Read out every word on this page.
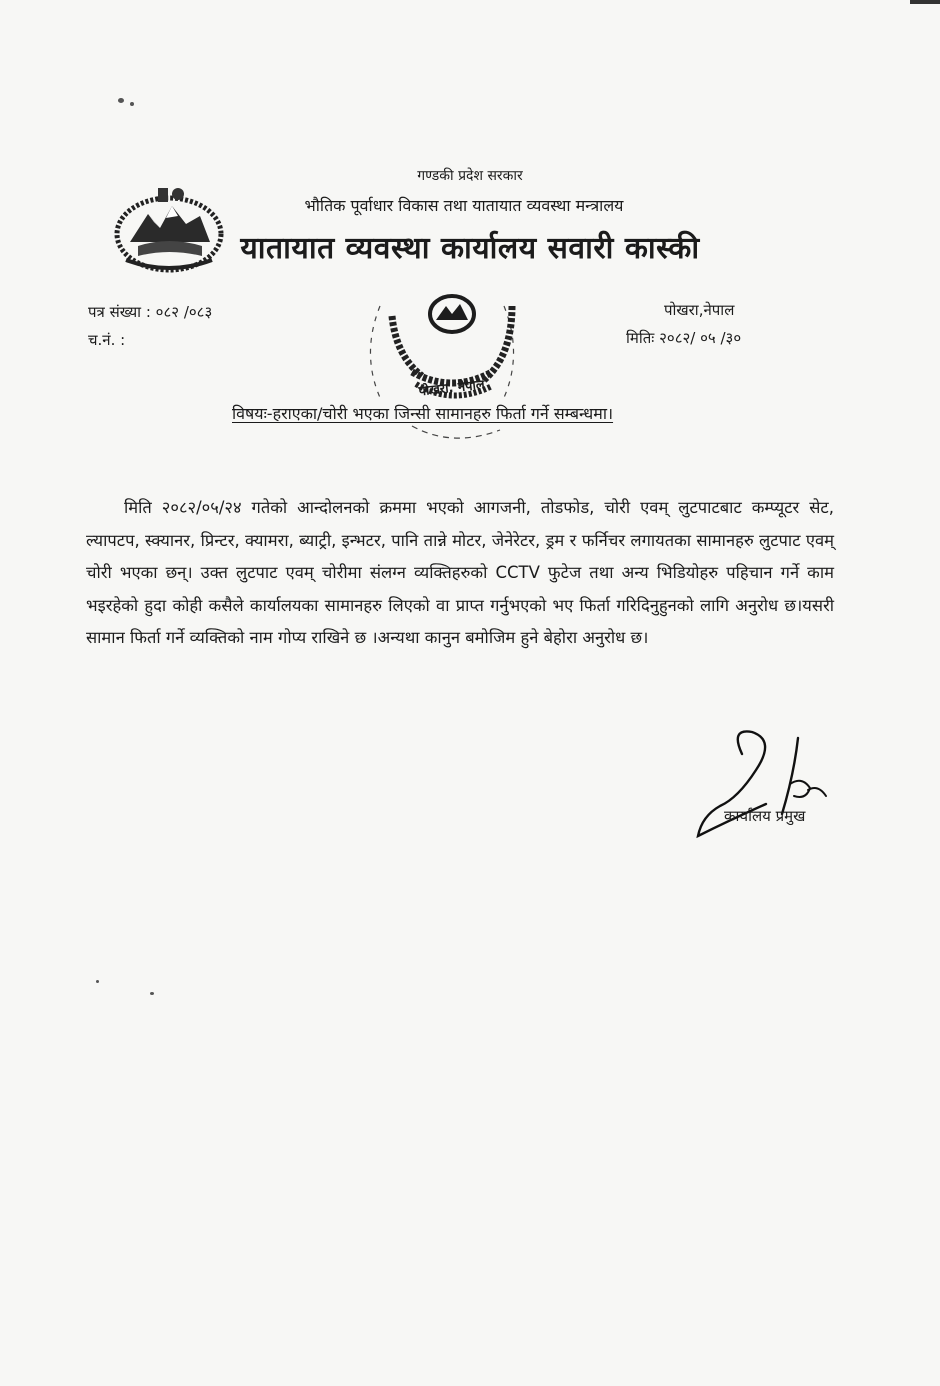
गण्डकी प्रदेश सरकार
भौतिक पूर्वाधार विकास तथा यातायात व्यवस्था मन्त्रालय
यातायात व्यवस्था कार्यालय सवारी कास्की
पत्र संख्या : ०८२ /०८३
च.नं. :
पोखरा,नेपाल
मितिः २०८२/ ०५ /३०
पोखरा, नेपाल
विषयः-हराएका/चोरी भएका जिन्सी सामानहरु फिर्ता गर्ने सम्बन्धमा।
मिति २०८२/०५/२४ गतेको आन्दोलनको क्रममा भएको आगजनी, तोडफोड, चोरी एवम् लुटपाटबाट कम्प्यूटर सेट, ल्यापटप, स्क्यानर, प्रिन्टर, क्यामरा, ब्याट्री, इन्भटर, पानि तान्ने मोटर, जेनेरेटर, ड्रम र फर्निचर लगायतका सामानहरु लुटपाट एवम् चोरी भएका छन्। उक्त लुटपाट एवम् चोरीमा संलग्न व्यक्तिहरुको CCTV फुटेज तथा अन्य भिडियोहरु पहिचान गर्ने काम भइरहेको हुदा कोही कसैले कार्यालयका सामानहरु लिएको वा प्राप्त गर्नुभएको भए फिर्ता गरिदिनुहुनको लागि अनुरोध छ।यसरी सामान फिर्ता गर्ने व्यक्तिको नाम गोप्य राखिने छ ।अन्यथा कानुन बमोजिम हुने बेहोरा अनुरोध छ।
कार्यालय प्रमुख
